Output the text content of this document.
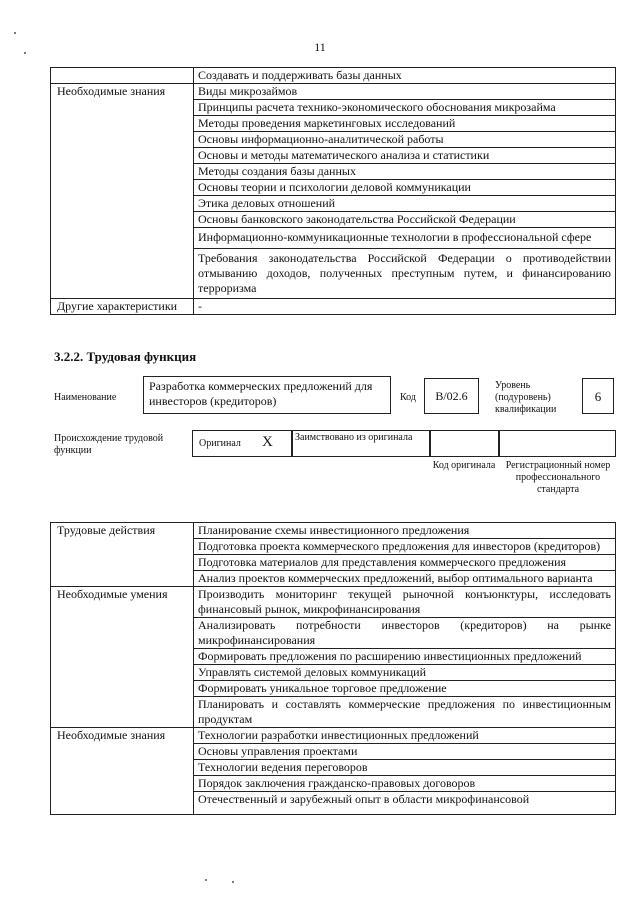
11
	Создавать и поддерживать базы данных
Необходимые знания	Виды микрозаймов
	Принципы расчета технико-экономического обоснования микрозайма
	Методы проведения маркетинговых исследований
	Основы информационно-аналитической работы
	Основы и методы математического анализа и статистики
	Методы создания базы данных
	Основы теории и психологии деловой коммуникации
	Этика деловых отношений
	Основы банковского законодательства Российской Федерации
	Информационно-коммуникационные технологии в профессиональной сфере
	Требования законодательства Российской Федерации о противодействии отмыванию доходов, полученных преступным путем, и финансированию терроризма
Другие характеристики	-
3.2.2. Трудовая функция
Наименование
Разработка коммерческих предложений для инвесторов (кредиторов)	Код	B/02.6
Уровень (подуровень) квалификации
6
Происхождение трудовой функции
Оригинал X Заимствовано из оригинала
Код оригинала	Регистрационный номер профессионального стандарта
Трудовые действия	Планирование схемы инвестиционного предложения
	Подготовка проекта коммерческого предложения для инвесторов (кредиторов)
	Подготовка материалов для представления коммерческого предложения
	Анализ проектов коммерческих предложений, выбор оптимального варианта
Необходимые умения	Производить мониторинг текущей рыночной конъюнктуры, исследовать финансовый рынок, микрофинансирования
	Анализировать потребности инвесторов (кредиторов) на рынке микрофинансирования
	Формировать предложения по расширению инвестиционных предложений
	Управлять системой деловых коммуникаций
	Формировать уникальное торговое предложение
	Планировать и составлять коммерческие предложения по инвестиционным продуктам
Необходимые знания	Технологии разработки инвестиционных предложений
	Основы управления проектами
	Технологии ведения переговоров
	Порядок заключения гражданско-правовых договоров
	Отечественный и зарубежный опыт в области микрофинансовой
